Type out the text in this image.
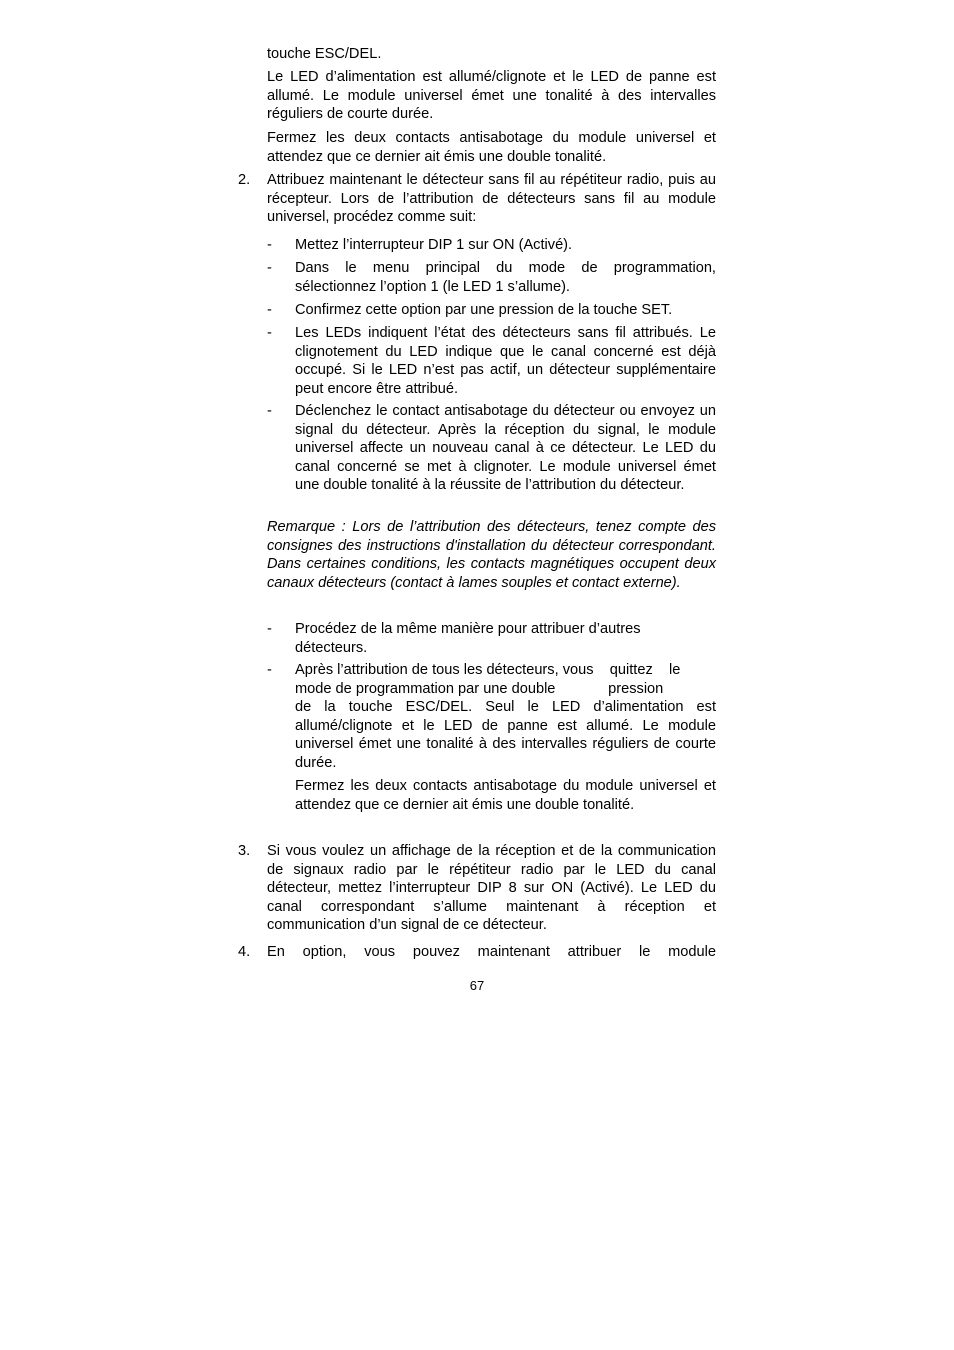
touche ESC/DEL.

Le LED d’alimentation est allumé/clignote et le LED de panne est allumé. Le module universel émet une tonalité à des intervalles réguliers de courte durée.

Fermez les deux contacts antisabotage du module universel et attendez que ce dernier ait émis une double tonalité.

2. Attribuez maintenant le détecteur sans fil au répétiteur radio, puis au récepteur. Lors de l’attribution de détecteurs sans fil au module universel, procédez comme suit:

- Mettez l’interrupteur DIP 1 sur ON (Activé).

- Dans le menu principal du mode de programmation, sélectionnez l’option 1 (le LED 1 s’allume).

- Confirmez cette option par une pression de la touche SET.

- Les LEDs indiquent l’état des détecteurs sans fil attribués. Le clignotement du LED indique que le canal concerné est déjà occupé. Si le LED n’est pas actif, un détecteur supplémentaire peut encore être attribué.

- Déclenchez le contact antisabotage du détecteur ou envoyez un signal du détecteur. Après la réception du signal, le module universel affecte un nouveau canal à ce détecteur. Le LED du canal concerné se met à clignoter. Le module universel émet une double tonalité à la réussite de l’attribution du détecteur.

Remarque : Lors de l’attribution des détecteurs, tenez compte des consignes des instructions d'installation du détecteur correspondant. Dans certaines conditions, les contacts magnétiques occupent deux canaux détecteurs (contact à lames souples et contact externe).

- Procédez de la même manière pour attribuer d’autres détecteurs.

- Après l’attribution de tous les détecteurs, vous    quittez    le

mode de programmation par une double             pression

de la touche ESC/DEL. Seul le LED d’alimentation est allumé/clignote et le LED de panne est allumé. Le module universel émet une tonalité à des intervalles réguliers de courte durée.

Fermez les deux contacts antisabotage du module universel et attendez que ce dernier ait émis une double tonalité.

3. Si vous voulez un affichage de la réception et de la communication de signaux radio par le répétiteur radio par le LED du canal détecteur, mettez l’interrupteur DIP 8 sur ON (Activé). Le LED du canal correspondant s’allume maintenant à réception et communication d’un signal de ce détecteur.

4. En option, vous pouvez maintenant attribuer le module

67
